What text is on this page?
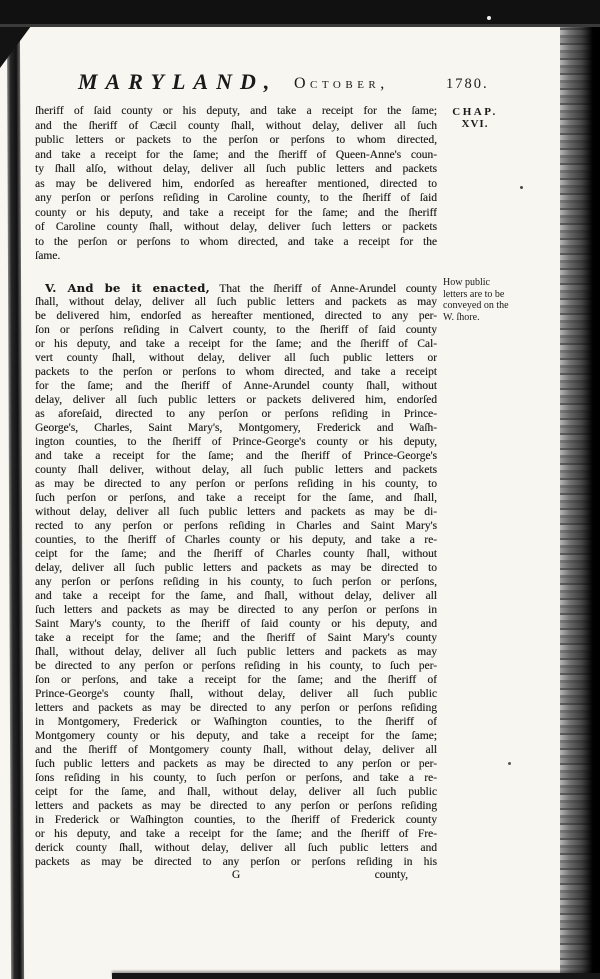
MARYLAND, October,	1780.
CHAP.
XVI.
How public letters are to be conveyed on the W. ſhore.
ſheriff of ſaid county or his deputy, and take a receipt for the ſame;
and the ſheriff of Cæcil county ſhall, without delay, deliver all ſuch
public letters or packets to the perſon or perſons to whom directed,
and take a receipt for the ſame; and the ſheriff of Queen-Anne's coun-
ty ſhall alſo, without delay, deliver all ſuch public letters and packets
as may be delivered him, endorſed as hereafter mentioned, directed to
any perſon or perſons reſiding in Caroline county, to the ſheriff of ſaid
county or his deputy, and take a receipt for the ſame; and the ſheriff
of Caroline county ſhall, without delay, deliver ſuch letters or packets
to the perſon or perſons to whom directed, and take a receipt for the
ſame.
V. And be it enacted, That the ſheriff of Anne-Arundel county
ſhall, without delay, deliver all ſuch public letters and packets as may
be delivered him, endorſed as hereafter mentioned, directed to any per-
ſon or perſons reſiding in Calvert county, to the ſheriff of ſaid county
or his deputy, and take a receipt for the ſame; and the ſheriff of Cal-
vert county ſhall, without delay, deliver all ſuch public letters or
packets to the perſon or perſons to whom directed, and take a receipt
for the ſame; and the ſheriff of Anne-Arundel county ſhall, without
delay, deliver all ſuch public letters or packets delivered him, endorſed
as aforeſaid, directed to any perſon or perſons reſiding in Prince-
George's, Charles, Saint Mary's, Montgomery, Frederick and Waſh-
ington counties, to the ſheriff of Prince-George's county or his deputy,
and take a receipt for the ſame; and the ſheriff of Prince-George's
county ſhall deliver, without delay, all ſuch public letters and packets
as may be directed to any perſon or perſons reſiding in his county, to
ſuch perſon or perſons, and take a receipt for the ſame, and ſhall,
without delay, deliver all ſuch public letters and packets as may be di-
rected to any perſon or perſons reſiding in Charles and Saint Mary's
counties, to the ſheriff of Charles county or his deputy, and take a re-
ceipt for the ſame; and the ſheriff of Charles county ſhall, without
delay, deliver all ſuch public letters and packets as may be directed to
any perſon or perſons reſiding in his county, to ſuch perſon or perſons,
and take a receipt for the ſame, and ſhall, without delay, deliver all
ſuch letters and packets as may be directed to any perſon or perſons in
Saint Mary's county, to the ſheriff of ſaid county or his deputy, and
take a receipt for the ſame; and the ſheriff of Saint Mary's county
ſhall, without delay, deliver all ſuch public letters and packets as may
be directed to any perſon or perſons reſiding in his county, to ſuch per-
ſon or perſons, and take a receipt for the ſame; and the ſheriff of
Prince-George's county ſhall, without delay, deliver all ſuch public
letters and packets as may be directed to any perſon or perſons reſiding
in Montgomery, Frederick or Waſhington counties, to the ſheriff of
Montgomery county or his deputy, and take a receipt for the ſame;
and the ſheriff of Montgomery county ſhall, without delay, deliver all
ſuch public letters and packets as may be directed to any perſon or per-
ſons reſiding in his county, to ſuch perſon or perſons, and take a re-
ceipt for the ſame, and ſhall, without delay, deliver all ſuch public
letters and packets as may be directed to any perſon or perſons reſiding
in Frederick or Waſhington counties, to the ſheriff of Frederick county
or his deputy, and take a receipt for the ſame; and the ſheriff of Fre-
derick county ſhall, without delay, deliver all ſuch public letters and
packets as may be directed to any perſon or perſons reſiding in his
G	county,
